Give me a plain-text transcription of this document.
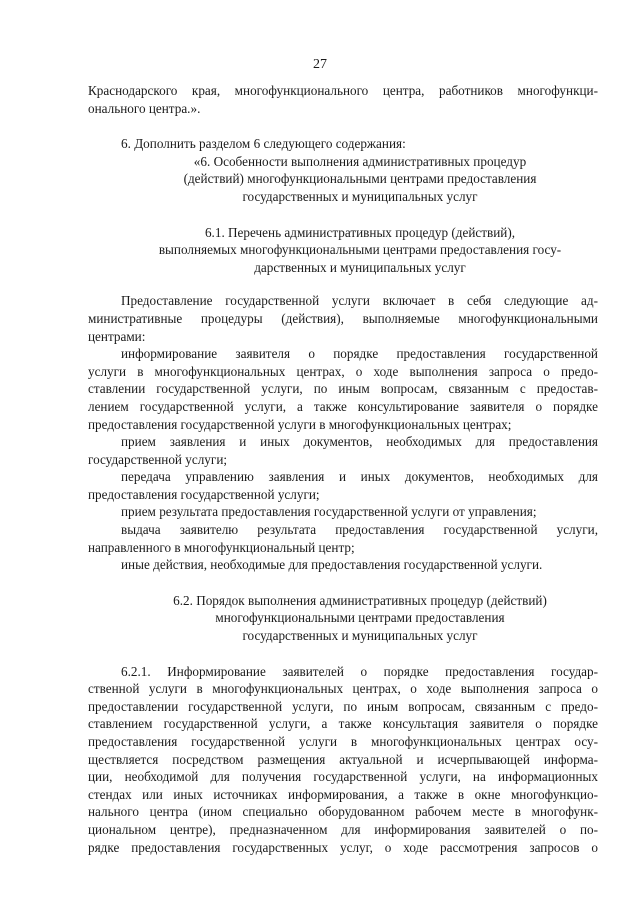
27
Краснодарского края, многофункционального центра, работников многофункци-
онального центра.».
6. Дополнить разделом 6 следующего содержания:
«6. Особенности выполнения административных процедур
(действий) многофункциональными центрами предоставления
государственных и муниципальных услуг
6.1. Перечень административных процедур (действий),
выполняемых многофункциональными центрами предоставления госу-
дарственных и муниципальных услуг
Предоставление государственной услуги включает в себя следующие ад-
министративные процедуры (действия), выполняемые многофункциональными
центрами:
информирование заявителя о порядке предоставления государственной
услуги в многофункциональных центрах, о ходе выполнения запроса о предо-
ставлении государственной услуги, по иным вопросам, связанным с предостав-
лением государственной услуги, а также консультирование заявителя о порядке
предоставления государственной услуги в многофункциональных центрах;
прием заявления и иных документов, необходимых для предоставления
государственной услуги;
передача управлению заявления и иных документов, необходимых для
предоставления государственной услуги;
прием результата предоставления государственной услуги от управления;
выдача заявителю результата предоставления государственной услуги,
направленного в многофункциональный центр;
иные действия, необходимые для предоставления государственной услуги.
6.2. Порядок выполнения административных процедур (действий)
многофункциональными центрами предоставления
государственных и муниципальных услуг
6.2.1. Информирование заявителей о порядке предоставления государ-
ственной услуги в многофункциональных центрах, о ходе выполнения запроса о
предоставлении государственной услуги, по иным вопросам, связанным с предо-
ставлением государственной услуги, а также консультация заявителя о порядке
предоставления государственной услуги в многофункциональных центрах осу-
ществляется посредством размещения актуальной и исчерпывающей информа-
ции, необходимой для получения государственной услуги, на информационных
стендах или иных источниках информирования, а также в окне многофункцио-
нального центра (ином специально оборудованном рабочем месте в многофунк-
циональном центре), предназначенном для информирования заявителей о по-
рядке предоставления государственных услуг, о ходе рассмотрения запросов о
